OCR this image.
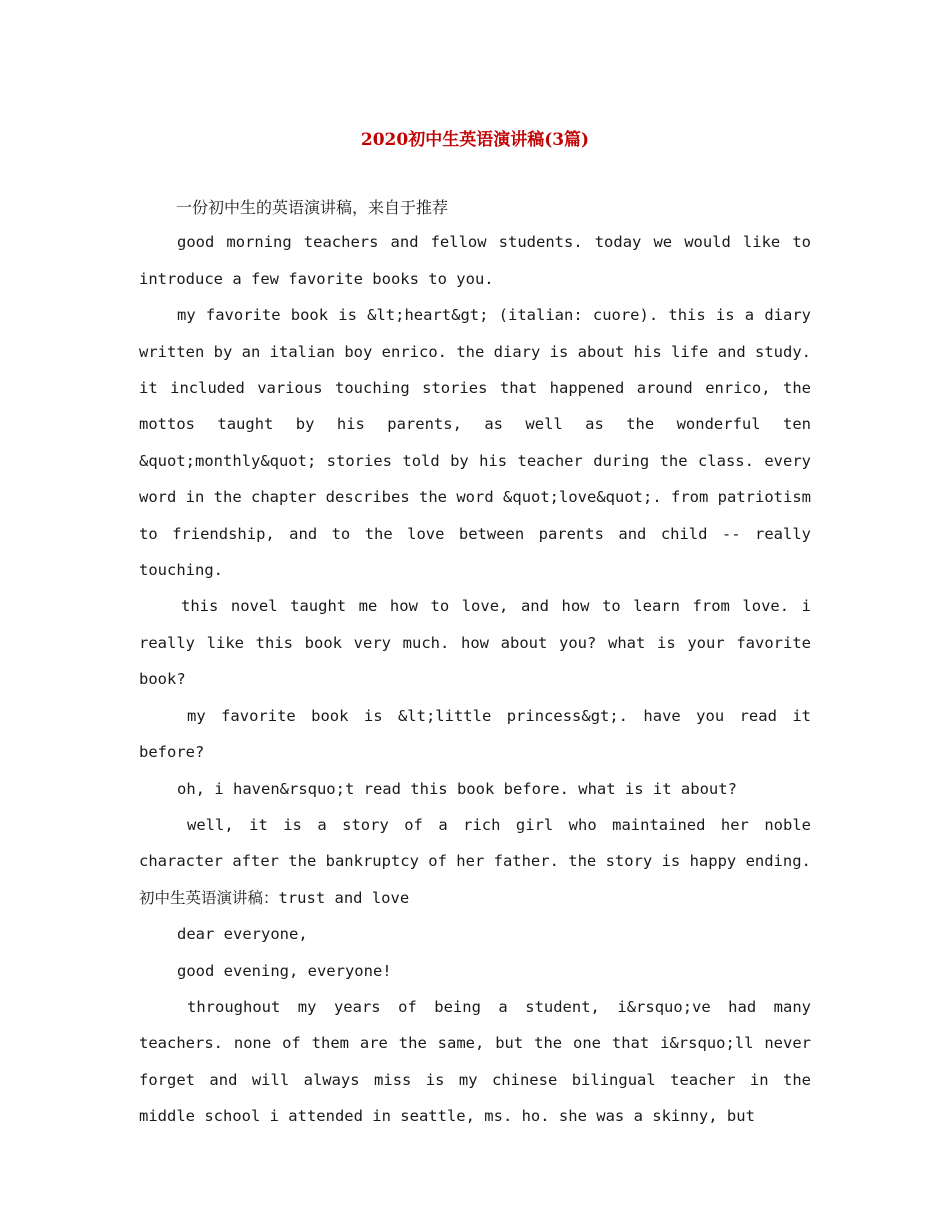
2020初中生英语演讲稿(3篇)

一份初中生的英语演讲稿，来自于推荐

good morning teachers and fellow students. today we would like to introduce a few favorite books to you.

my favorite book is &lt;heart&gt; (italian: cuore). this is a diary written by an italian boy enrico. the diary is about his life and study. it included various touching stories that happened around enrico, the mottos taught by his parents, as well as the wonderful ten &quot;monthly&quot; stories told by his teacher during the class. every word in the chapter describes the word &quot;love&quot;. from patriotism to friendship, and to the love between parents and child -- really touching.

this novel taught me how to love, and how to learn from love. i really like this book very much. how about you? what is your favorite book?

my favorite book is &lt;little princess&gt;. have you read it before?

oh, i haven&rsquo;t read this book before. what is it about?

well, it is a story of a rich girl who maintained her noble character after the bankruptcy of her father. the story is happy ending.

初中生英语演讲稿：trust and love

dear everyone,

good evening, everyone!

throughout my years of being a student, i&rsquo;ve had many teachers. none of them are the same, but the one that i&rsquo;ll never forget and will always miss is my chinese bilingual teacher in the middle school i attended in seattle, ms. ho. she was a skinny, but
